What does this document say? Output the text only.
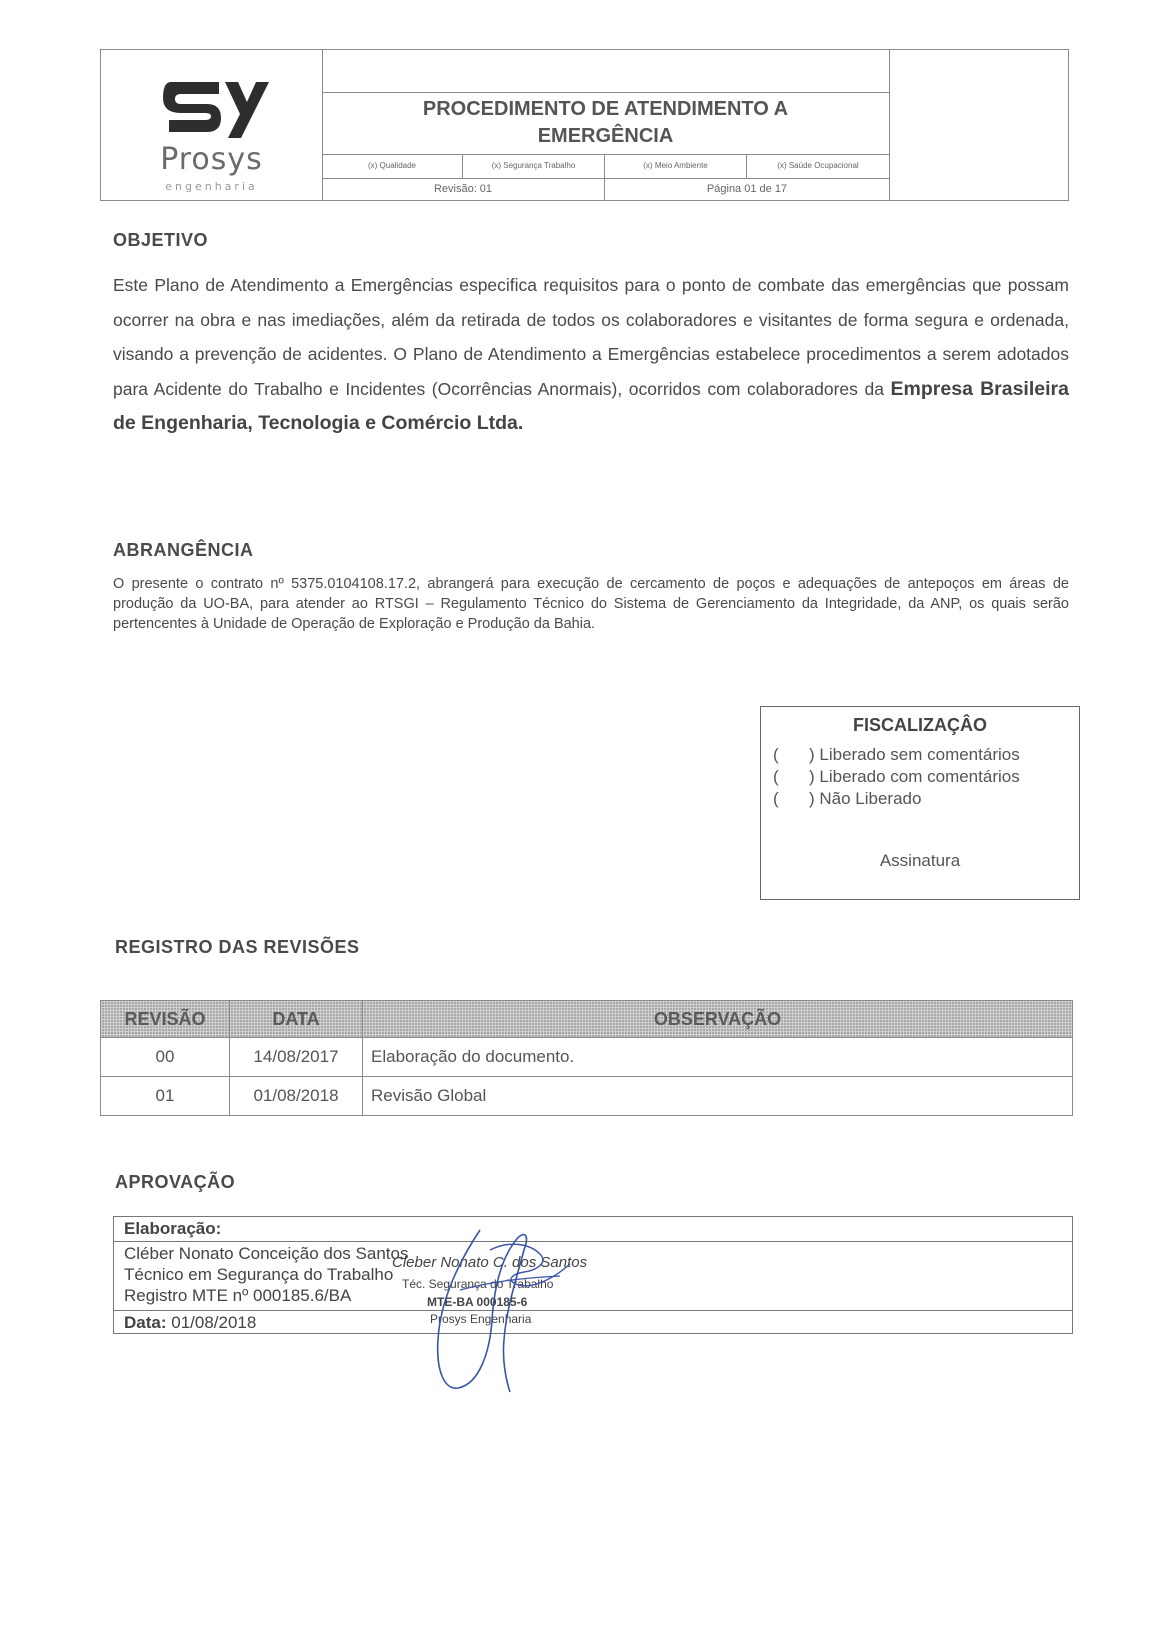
Prosys
engenharia
PROCEDIMENTO DE ATENDIMENTO A
EMERGÊNCIA
(x) Qualidade	(x) Segurança Trabalho	(x) Meio Ambiente	(x) Saúde Ocupacional
Revisão: 01	Página 01 de 17
OBJETIVO
Este Plano de Atendimento a Emergências especifica requisitos para o ponto de combate das emergências que possam ocorrer na obra e nas imediações, além da retirada de todos os colaboradores e visitantes de forma segura e ordenada, visando a prevenção de acidentes. O Plano de Atendimento a Emergências estabelece procedimentos a serem adotados para Acidente do Trabalho e Incidentes (Ocorrências Anormais), ocorridos com colaboradores da Empresa Brasileira de Engenharia, Tecnologia e Comércio Ltda.
ABRANGÊNCIA
O presente o contrato nº 5375.0104108.17.2, abrangerá para execução de cercamento de poços e adequações de antepoços em áreas de produção da UO-BA, para atender ao RTSGI – Regulamento Técnico do Sistema de Gerenciamento da Integridade, da ANP, os quais serão pertencentes à Unidade de Operação de Exploração e Produção da Bahia.
FISCALIZAÇÂO
( ) Liberado sem comentários
( ) Liberado com comentários
( ) Não Liberado
Assinatura
REGISTRO DAS REVISÕES
REVISÃO	DATA	OBSERVAÇÃO
00	14/08/2017	Elaboração do documento.
01	01/08/2018	Revisão Global
APROVAÇÃO
Elaboração:
Cléber Nonato Conceição dos Santos
Técnico em Segurança do Trabalho
Registro MTE nº 000185.6/BA
Data: 01/08/2018
Cleber Nonato C. dos Santos
Téc. Segurança do Trabalho
MTE-BA 000185-6
Prosys Engenharia
